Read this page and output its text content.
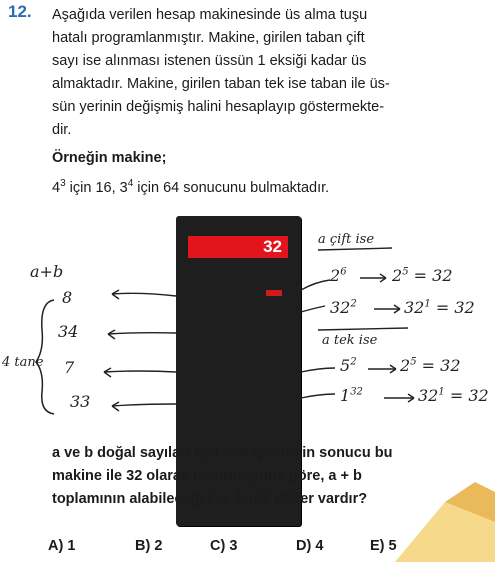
12. Aşağıda verilen hesap makinesinde üs alma tuşu
hatalı programlanmıştır. Makine, girilen taban çift
sayı ise alınması istenen üssün 1 eksiği kadar üs
almaktadır. Makine, girilen taban tek ise taban ile üs-
sün yerinin değişmiş halini hesaplayıp göstermekte-
dir.
Örneğin makine;
$4^3$ için 16, $3^4$ için 64 sonucunu bulmaktadır.
32
a+b
8
34
7
33
4 tane
a çift ise
a tek ise
$2^6$	$2^5 = 32$
$32^2$	$32^1 = 32$
$5^2$	$2^5 = 32$
$1^{32}$	$32^1 = 32$
a ve b doğal sayıları için a^b işleminin sonucu bu
makine ile 32 olarak bulunduğuna göre, a + b
toplamının alabileceği kaç farklı değer vardır?
A) 1	B) 2	C) 3	D) 4	E) 5
